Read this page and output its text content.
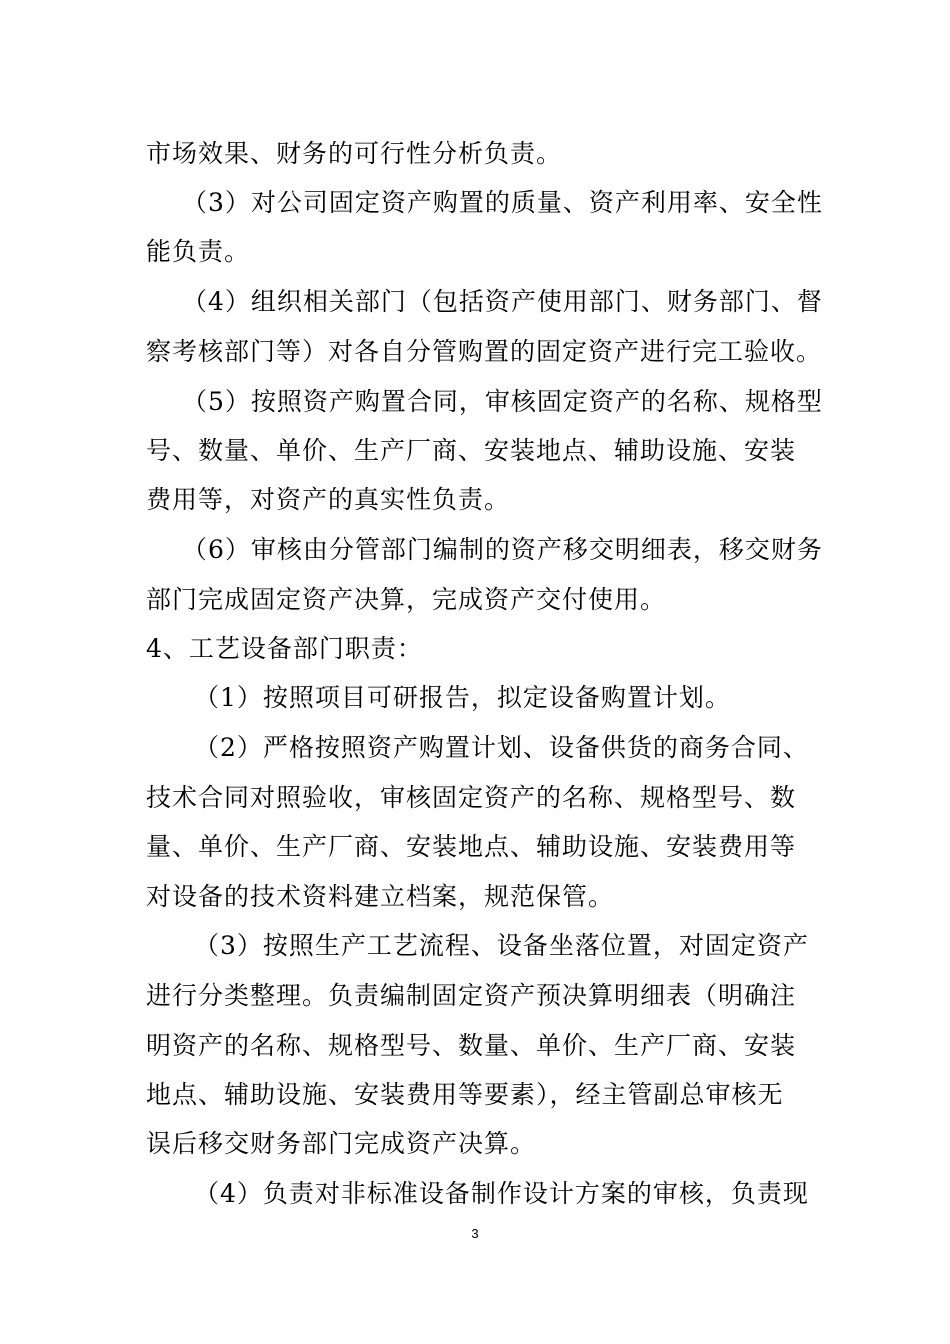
市场效果、财务的可行性分析负责。
（3）对公司固定资产购置的质量、资产利用率、安全性
能负责。
（4）组织相关部门（包括资产使用部门、财务部门、督
察考核部门等）对各自分管购置的固定资产进行完工验收。
（5）按照资产购置合同，审核固定资产的名称、规格型
号、数量、单价、生产厂商、安装地点、辅助设施、安装
费用等，对资产的真实性负责。
（6）审核由分管部门编制的资产移交明细表，移交财务
部门完成固定资产决算，完成资产交付使用。
4、工艺设备部门职责：
（1）按照项目可研报告，拟定设备购置计划。
（2）严格按照资产购置计划、设备供货的商务合同、
技术合同对照验收，审核固定资产的名称、规格型号、数
量、单价、生产厂商、安装地点、辅助设施、安装费用等
对设备的技术资料建立档案，规范保管。
（3）按照生产工艺流程、设备坐落位置，对固定资产
进行分类整理。负责编制固定资产预决算明细表（明确注
明资产的名称、规格型号、数量、单价、生产厂商、安装
地点、辅助设施、安装费用等要素），经主管副总审核无
误后移交财务部门完成资产决算。
（4）负责对非标准设备制作设计方案的审核，负责现
3
